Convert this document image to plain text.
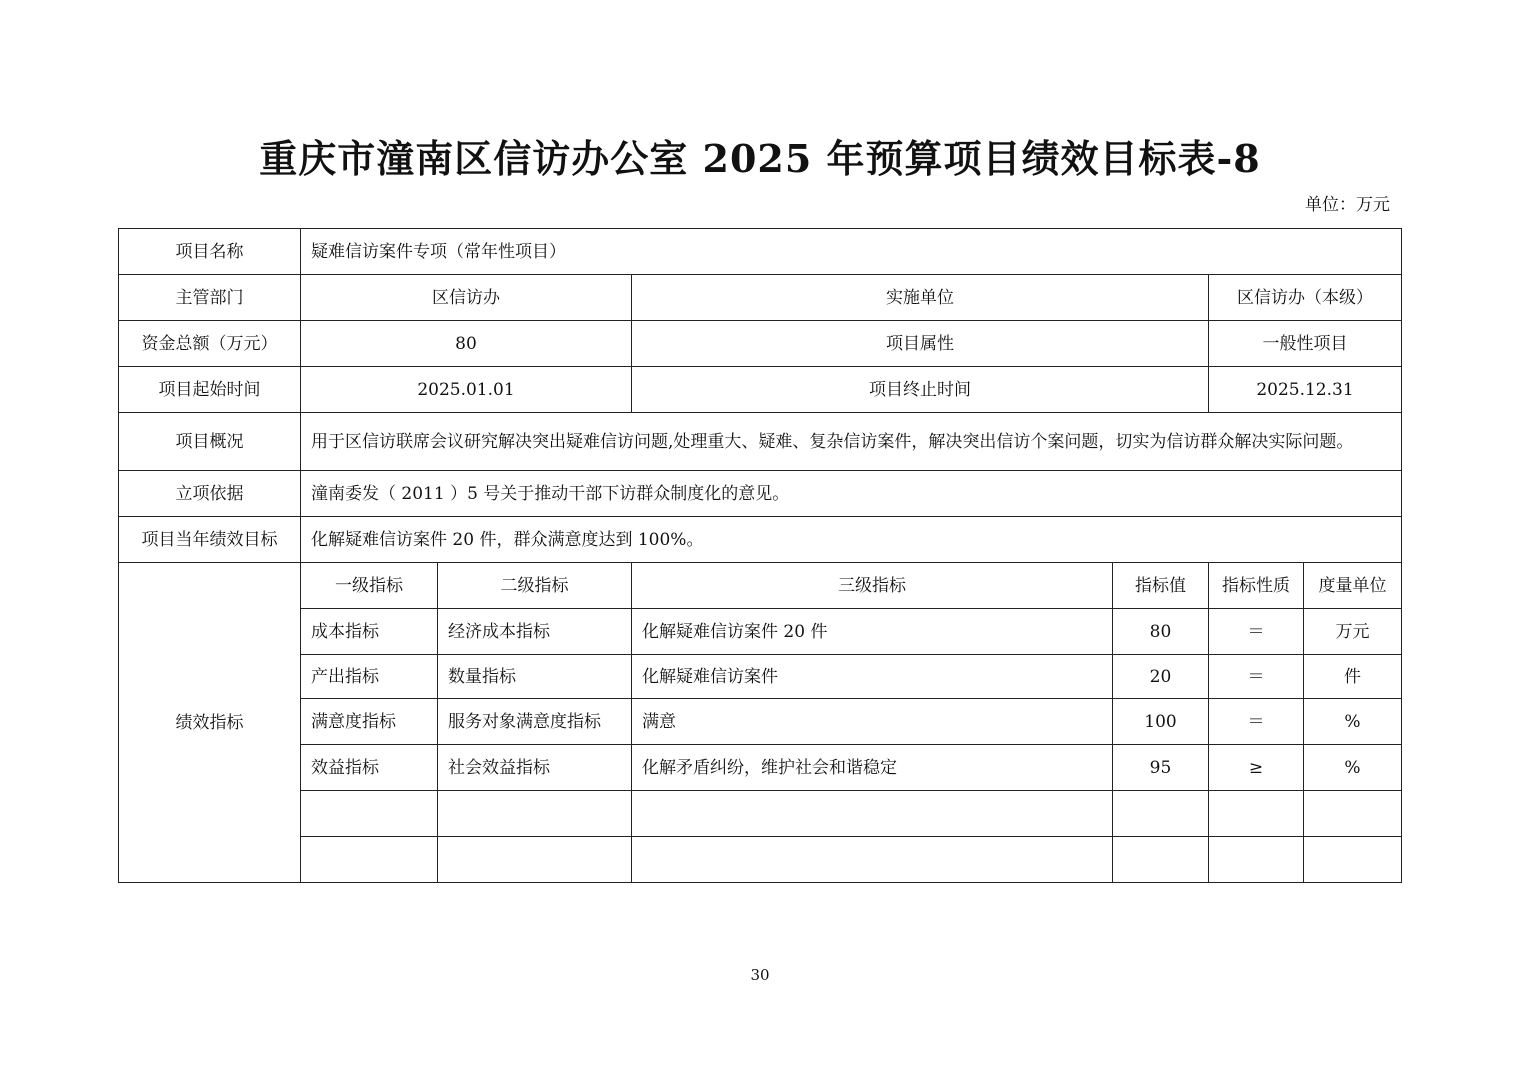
重庆市潼南区信访办公室 2025 年预算项目绩效目标表-8
单位：万元
项目名称	疑难信访案件专项（常年性项目）					
主管部门	区信访办		实施单位		区信访办（本级）	
资金总额（万元）	80		项目属性		一般性项目	
项目起始时间	2025.01.01		项目终止时间		2025.12.31	
项目概况	用于区信访联席会议研究解决突出疑难信访问题,处理重大、疑难、复杂信访案件，解决突出信访个案问题，切实为信访群众解决实际问题。					
立项依据	潼南委发（ 2011 ）5 号关于推动干部下访群众制度化的意见。					
项目当年绩效目标	化解疑难信访案件 20 件，群众满意度达到 100%。					
绩效指标	一级指标	二级指标	三级指标	指标值	指标性质	度量单位
	成本指标	经济成本指标	化解疑难信访案件 20 件	80	＝	万元
	产出指标	数量指标	化解疑难信访案件	20	＝	件
	满意度指标	服务对象满意度指标	满意	100	＝	%
	效益指标	社会效益指标	化解矛盾纠纷，维护社会和谐稳定	95	≥	%

30
